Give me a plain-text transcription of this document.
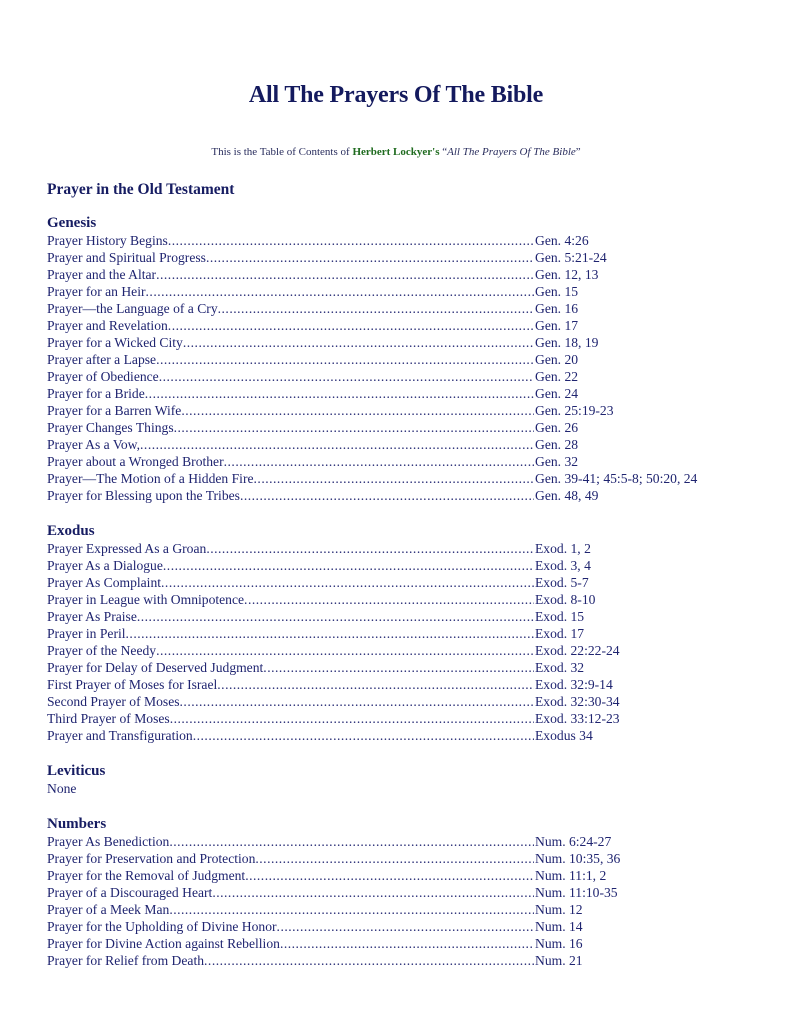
All The Prayers Of The Bible
This is the Table of Contents of Herbert Lockyer's “All The Prayers Of The Bible”
Prayer in the Old Testament
Genesis
Prayer History Begins .....	Gen. 4:26
Prayer and Spiritual Progress .....	Gen. 5:21-24
Prayer and the Altar .....	Gen. 12, 13
Prayer for an Heir .....	Gen. 15
Prayer—the Language of a Cry .....	Gen. 16
Prayer and Revelation .....	Gen. 17
Prayer for a Wicked City .....	Gen. 18, 19
Prayer after a Lapse .....	Gen. 20
Prayer of Obedience .....	Gen. 22
Prayer for a Bride .....	Gen. 24
Prayer for a Barren Wife .....	Gen. 25:19-23
Prayer Changes Things .....	Gen. 26
Prayer As a Vow, .....	Gen. 28
Prayer about a Wronged Brother .....	Gen. 32
Prayer—The Motion of a Hidden Fire .....	Gen. 39-41; 45:5-8; 50:20, 24
Prayer for Blessing upon the Tribes .....	Gen. 48, 49
Exodus
Prayer Expressed As a Groan .....	Exod. 1, 2
Prayer As a Dialogue .....	Exod. 3, 4
Prayer As Complaint .....	Exod. 5-7
Prayer in League with Omnipotence .....	Exod. 8-10
Prayer As Praise .....	Exod. 15
Prayer in Peril .....	Exod. 17
Prayer of the Needy .....	Exod. 22:22-24
Prayer for Delay of Deserved Judgment .....	Exod. 32
First Prayer of Moses for Israel .....	Exod. 32:9-14
Second Prayer of Moses .....	Exod. 32:30-34
Third Prayer of Moses .....	Exod. 33:12-23
Prayer and Transfiguration .....	Exodus 34
Leviticus
None
Numbers
Prayer As Benediction .....	Num. 6:24-27
Prayer for Preservation and Protection .....	Num. 10:35, 36
Prayer for the Removal of Judgment .....	Num. 11:1, 2
Prayer of a Discouraged Heart .....	Num. 11:10-35
Prayer of a Meek Man .....	Num. 12
Prayer for the Upholding of Divine Honor .....	Num. 14
Prayer for Divine Action against Rebellion .....	Num. 16
Prayer for Relief from Death .....	Num. 21
